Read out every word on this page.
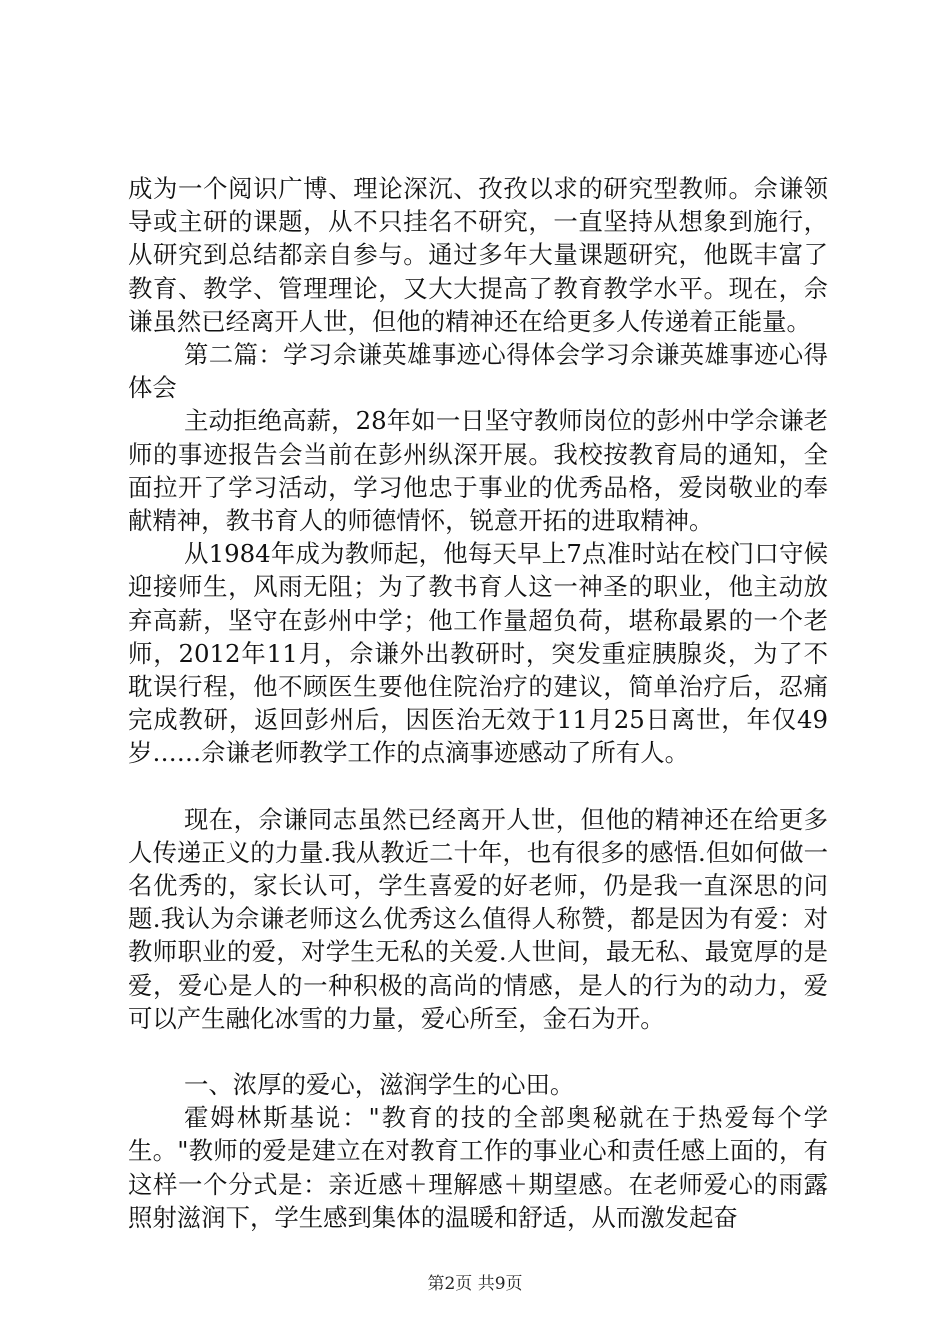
成为一个阅识广博、理论深沉、孜孜以求的研究型教师。佘谦领导或主研的课题，从不只挂名不研究，一直坚持从想象到施行，从研究到总结都亲自参与。通过多年大量课题研究，他既丰富了教育、教学、管理理论，又大大提高了教育教学水平。现在，佘谦虽然已经离开人世，但他的精神还在给更多人传递着正能量。

第二篇：学习佘谦英雄事迹心得体会学习佘谦英雄事迹心得体会

主动拒绝高薪，28年如一日坚守教师岗位的彭州中学佘谦老师的事迹报告会当前在彭州纵深开展。我校按教育局的通知，全面拉开了学习活动，学习他忠于事业的优秀品格，爱岗敬业的奉献精神，教书育人的师德情怀，锐意开拓的进取精神。

从1984年成为教师起，他每天早上7点准时站在校门口守候迎接师生，风雨无阻；为了教书育人这一神圣的职业，他主动放弃高薪，坚守在彭州中学；他工作量超负荷，堪称最累的一个老师，2012年11月，佘谦外出教研时，突发重症胰腺炎，为了不耽误行程，他不顾医生要他住院治疗的建议，简单治疗后，忍痛完成教研，返回彭州后，因医治无效于11月25日离世，年仅49岁……佘谦老师教学工作的点滴事迹感动了所有人。

现在，佘谦同志虽然已经离开人世，但他的精神还在给更多人传递正义的力量.我从教近二十年，也有很多的感悟.但如何做一名优秀的，家长认可，学生喜爱的好老师，仍是我一直深思的问题.我认为佘谦老师这么优秀这么值得人称赞，都是因为有爱：对教师职业的爱，对学生无私的关爱.人世间，最无私、最宽厚的是爱，爱心是人的一种积极的高尚的情感，是人的行为的动力，爱可以产生融化冰雪的力量，爱心所至，金石为开。

一、浓厚的爱心，滋润学生的心田。

霍姆林斯基说："教育的技的全部奥秘就在于热爱每个学生。"教师的爱是建立在对教育工作的事业心和责任感上面的，有这样一个分式是：亲近感＋理解感＋期望感。在老师爱心的雨露照射滋润下，学生感到集体的温暖和舒适，从而激发起奋

第2页 共9页
